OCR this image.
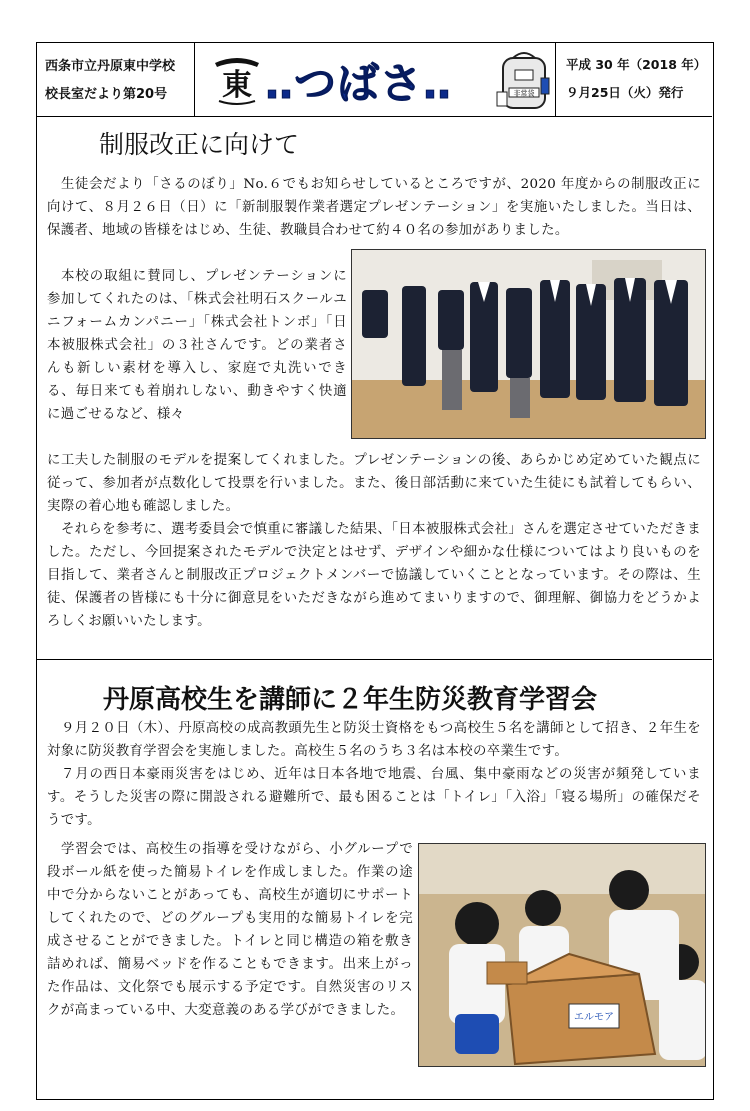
西条市立丹原東中学校
校長室だより第20号 東 ‥つばさ‥	非常袋
平成 30 年（2018 年）
９月25日（火）発行
制服改正に向けて

生徒会だより「さるのぼり」No.６でもお知らせしているところですが、2020 年度からの制服改正に向けて、８月２６日（日）に「新制服製作業者選定プレゼンテーション」を実施いたしました。当日は、保護者、地域の皆様をはじめ、生徒、教職員合わせて約４０名の参加がありました。

本校の取組に賛同し、プレゼンテーションに参加してくれたのは、「株式会社明石スクールユニフォームカンパニー」「株式会社トンボ」「日本被服株式会社」の３社さんです。どの業者さんも新しい素材を導入し、家庭で丸洗いできる、毎日来ても着崩れしない、動きやすく快適に過ごせるなど、様々

に工夫した制服のモデルを提案してくれました。プレゼンテーションの後、あらかじめ定めていた観点に従って、参加者が点数化して投票を行いました。また、後日部活動に来ていた生徒にも試着してもらい、実際の着心地も確認しました。

それらを参考に、選考委員会で慎重に審議した結果、「日本被服株式会社」さんを選定させていただきました。ただし、今回提案されたモデルで決定とはせず、デザインや細かな仕様についてはより良いものを目指して、業者さんと制服改正プロジェクトメンバーで協議していくこととなっています。その際は、生徒、保護者の皆様にも十分に御意見をいただきながら進めてまいりますので、御理解、御協力をどうかよろしくお願いいたします。

丹原高校生を講師に２年生防災教育学習会

９月２０日（木）、丹原高校の成高教頭先生と防災士資格をもつ高校生５名を講師として招き、２年生を対象に防災教育学習会を実施しました。高校生５名のうち３名は本校の卒業生です。

７月の西日本豪雨災害をはじめ、近年は日本各地で地震、台風、集中豪雨などの災害が頻発しています。そうした災害の際に開設される避難所で、最も困ることは「トイレ」「入浴」「寝る場所」の確保だそうです。

学習会では、高校生の指導を受けながら、小グループで段ボール紙を使った簡易トイレを作成しました。作業の途中で分からないことがあっても、高校生が適切にサポートしてくれたので、どのグループも実用的な簡易トイレを完成させることができました。トイレと同じ構造の箱を敷き詰めれば、簡易ベッドを作ることもできます。出来上がった作品は、文化祭でも展示する予定です。自然災害のリスクが高まっている中、大変意義のある学びができました。	エルモア
